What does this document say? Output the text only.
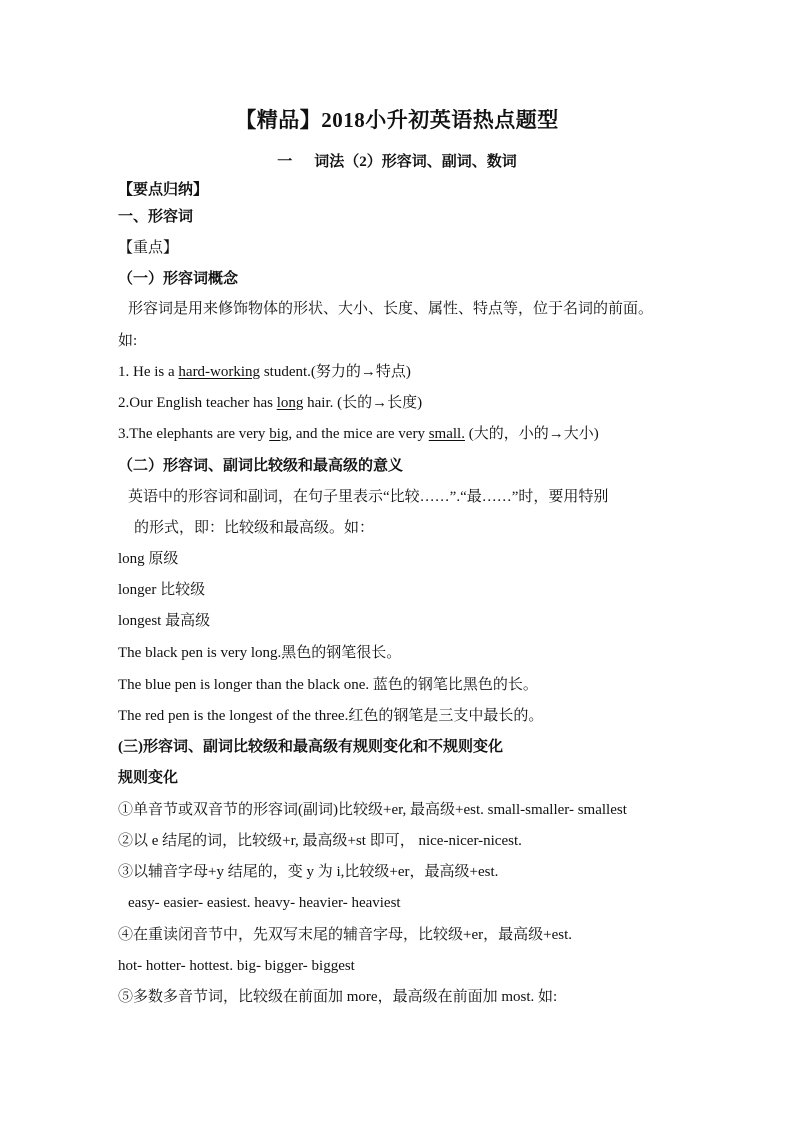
【精品】2018小升初英语热点题型
一 词法（2）形容词、副词、数词
【要点归纳】
一、形容词
【重点】
（一）形容词概念
形容词是用来修饰物体的形状、大小、长度、属性、特点等，位于名词的前面。
如:
1. He is a hard-working student.(努力的→特点)
2.Our English teacher has long hair. (长的→长度)
3.The elephants are very big, and the mice are very small. (大的，小的→大小)
（二）形容词、副词比较级和最高级的意义
英语中的形容词和副词，在句子里表示“比较……”.“最……”时，要用特别
的形式，即：比较级和最高级。如：
long 原级
longer 比较级
longest 最高级
The black pen is very long.黑色的钢笔很长。
The blue pen is longer than the black one. 蓝色的钢笔比黑色的长。
The red pen is the longest of the three.红色的钢笔是三支中最长的。
(三)形容词、副词比较级和最高级有规则变化和不规则变化
规则变化
①单音节或双音节的形容词(副词)比较级+er, 最高级+est. small-smaller- smallest
②以 e 结尾的词，比较级+r, 最高级+st 即可， nice-nicer-nicest.
③以辅音字母+y 结尾的，变 y 为 i,比较级+er，最高级+est.
easy- easier- easiest. heavy- heavier- heaviest
④在重读闭音节中，先双写末尾的辅音字母，比较级+er，最高级+est.
hot- hotter- hottest. big- bigger- biggest
⑤多数多音节词，比较级在前面加 more，最高级在前面加 most. 如:
